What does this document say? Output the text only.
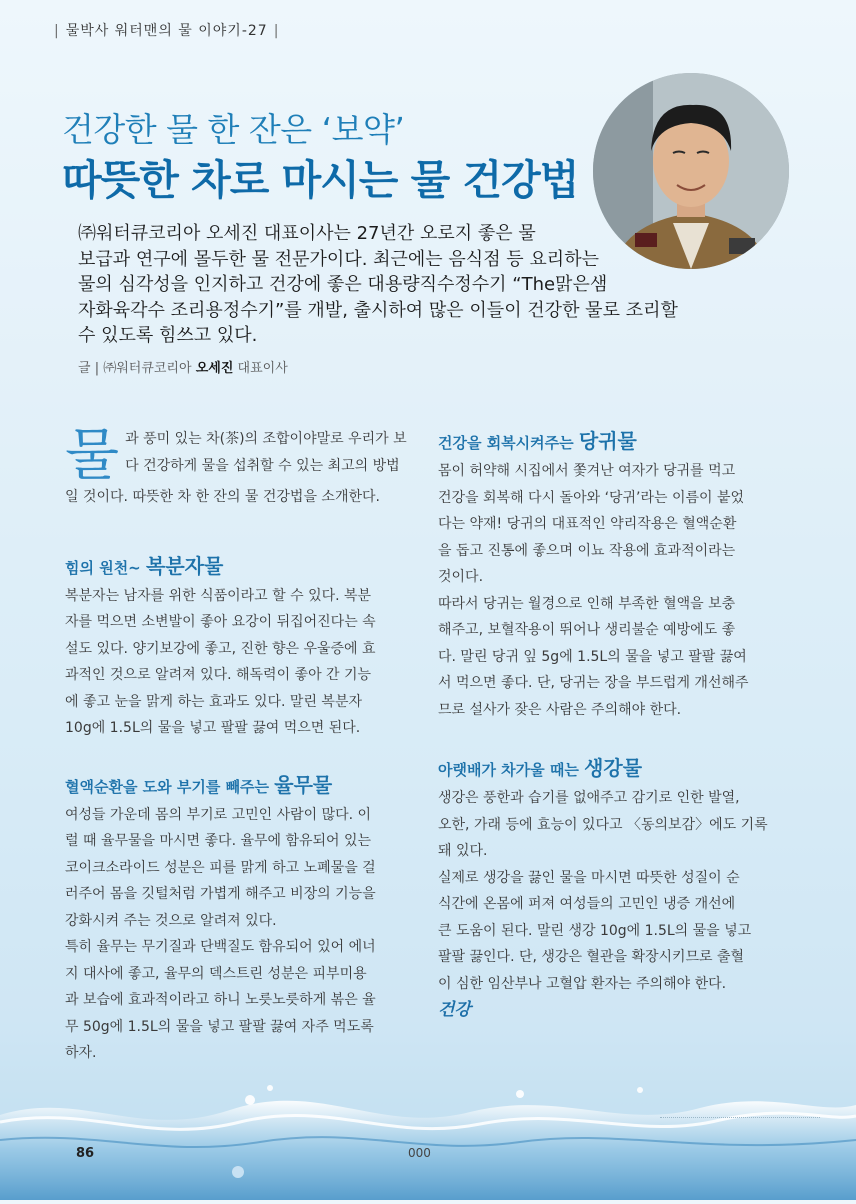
| 물박사 워터맨의 물 이야기-27 |
건강한 물 한 잔은 ‘보약’
따뜻한 차로 마시는 물 건강법

㈜워터큐코리아 오세진 대표이사는 27년간 오로지 좋은 물

보급과 연구에 몰두한 물 전문가이다. 최근에는 음식점 등 요리하는

물의 심각성을 인지하고 건강에 좋은 대용량직수정수기 “The맑은샘

자화육각수 조리용정수기”를 개발, 출시하여 많은 이들이 건강한 물로 조리할

수 있도록 힘쓰고 있다.

글 | ㈜워터큐코리아 오세진 대표이사
물 과 풍미 있는 차(茶)의 조합이야말로 우리가 보

다 건강하게 물을 섭취할 수 있는 최고의 방법

일 것이다. 따뜻한 차 한 잔의 물 건강법을 소개한다.

힘의 원천~ 복분자물

복분자는 남자를 위한 식품이라고 할 수 있다. 복분

자를 먹으면 소변발이 좋아 요강이 뒤집어진다는 속

설도 있다. 양기보강에 좋고, 진한 향은 우울증에 효

과적인 것으로 알려져 있다. 해독력이 좋아 간 기능

에 좋고 눈을 맑게 하는 효과도 있다. 말린 복분자

10g에 1.5L의 물을 넣고 팔팔 끓여 먹으면 된다.

혈액순환을 도와 부기를 빼주는 율무물

여성들 가운데 몸의 부기로 고민인 사람이 많다. 이

럴 때 율무물을 마시면 좋다. 율무에 함유되어 있는

코이크소라이드 성분은 피를 맑게 하고 노폐물을 걸

러주어 몸을 깃털처럼 가볍게 해주고 비장의 기능을

강화시켜 주는 것으로 알려져 있다.

특히 율무는 무기질과 단백질도 함유되어 있어 에너

지 대사에 좋고, 율무의 덱스트린 성분은 피부미용

과 보습에 효과적이라고 하니 노릇노릇하게 볶은 율

무 50g에 1.5L의 물을 넣고 팔팔 끓여 자주 먹도록

하자.

건강을 회복시켜주는 당귀물

몸이 허약해 시집에서 쫓겨난 여자가 당귀를 먹고

건강을 회복해 다시 돌아와 ‘당귀’라는 이름이 붙었

다는 약재! 당귀의 대표적인 약리작용은 혈액순환

을 돕고 진통에 좋으며 이뇨 작용에 효과적이라는

것이다.

따라서 당귀는 월경으로 인해 부족한 혈액을 보충

해주고, 보혈작용이 뛰어나 생리불순 예방에도 좋

다. 말린 당귀 잎 5g에 1.5L의 물을 넣고 팔팔 끓여

서 먹으면 좋다. 단, 당귀는 장을 부드럽게 개선해주

므로 설사가 잦은 사람은 주의해야 한다.

아랫배가 차가울 때는 생강물

생강은 풍한과 습기를 없애주고 감기로 인한 발열,

오한, 가래 등에 효능이 있다고 〈동의보감〉에도 기록

돼 있다.

실제로 생강을 끓인 물을 마시면 따뜻한 성질이 순

식간에 온몸에 퍼져 여성들의 고민인 냉증 개선에

큰 도움이 된다. 말린 생강 10g에 1.5L의 물을 넣고

팔팔 끓인다. 단, 생강은 혈관을 확장시키므로 출혈

이 심한 임산부나 고혈압 환자는 주의해야 한다.

건강

86	000
